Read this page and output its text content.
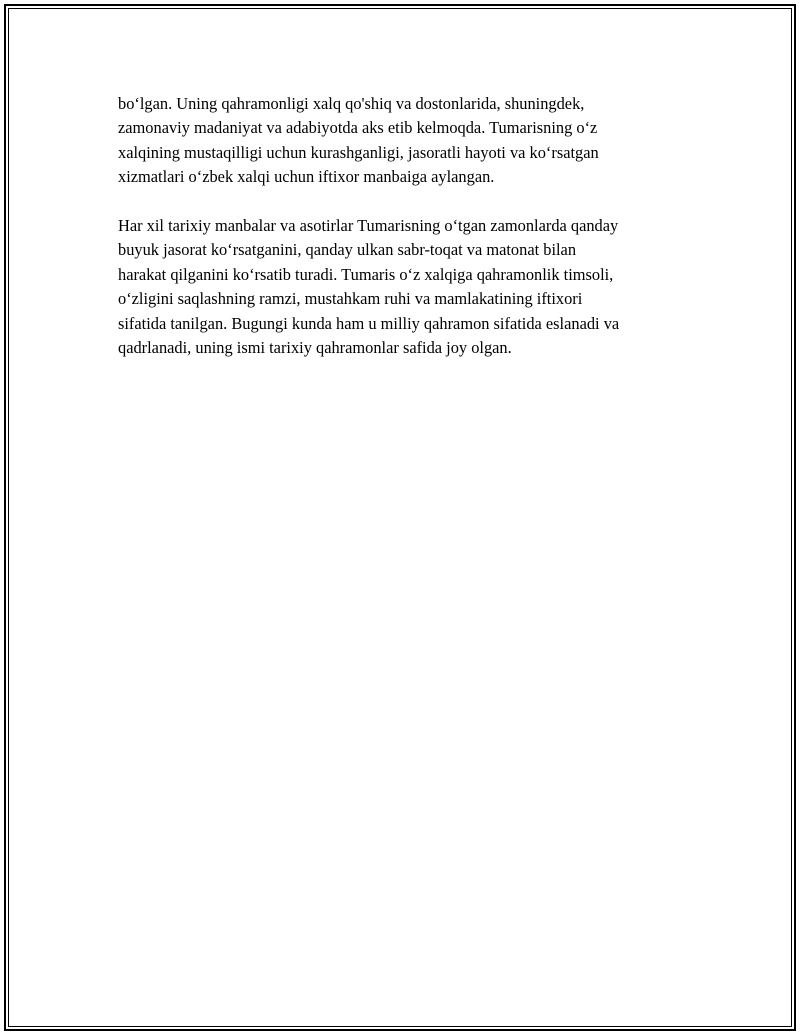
bo‘lgan. Uning qahramonligi xalq qo'shiq va dostonlarida, shuningdek,
zamonaviy madaniyat va adabiyotda aks etib kelmoqda. Tumarisning o‘z
xalqining mustaqilligi uchun kurashganligi, jasoratli hayoti va ko‘rsatgan
xizmatlari o‘zbek xalqi uchun iftixor manbaiga aylangan.

Har xil tarixiy manbalar va asotirlar Tumarisning o‘tgan zamonlarda qanday
buyuk jasorat ko‘rsatganini, qanday ulkan sabr-toqat va matonat bilan
harakat qilganini ko‘rsatib turadi. Tumaris o‘z xalqiga qahramonlik timsoli,
o‘zligini saqlashning ramzi, mustahkam ruhi va mamlakatining iftixori
sifatida tanilgan. Bugungi kunda ham u milliy qahramon sifatida eslanadi va
qadrlanadi, uning ismi tarixiy qahramonlar safida joy olgan.
